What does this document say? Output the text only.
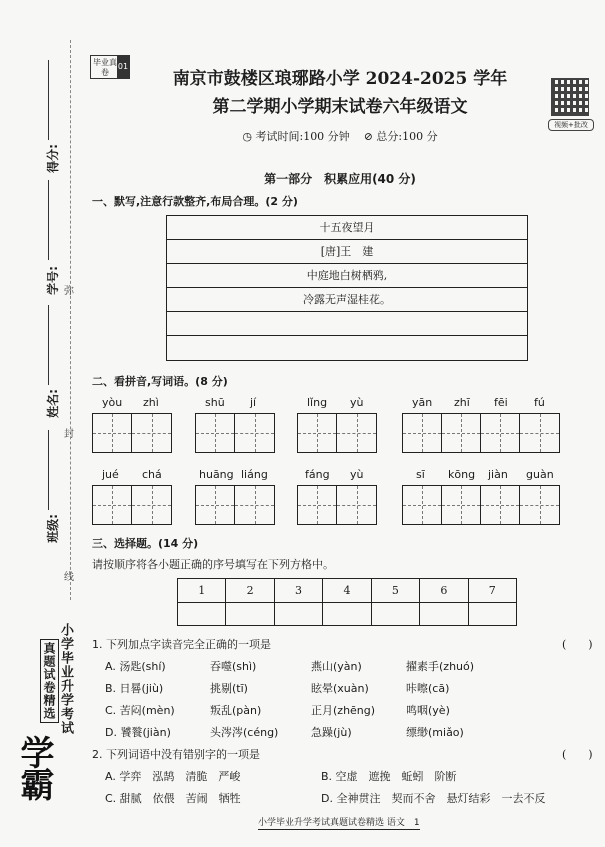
得分:
学号:
姓名:
班级:
弥
封
线
小学毕业升学考试
真题试卷精选
学霸
毕业真卷
01
南京市鼓楼区琅琊路小学 2024-2025 学年
第二学期小学期末试卷六年级语文
◷ 考试时间:100 分钟 ⊘ 总分:100 分
视频+批改
第一部分　积累应用(40 分)
一、默写,注意行款整齐,布局合理。(2 分)
十五夜望月
[唐]王　建
中庭地白树栖鸦,
冷露无声湿桂花。
二、看拼音,写词语。(8 分)
yòu zhì	shū jí	lǐng yù	yān zhī fēi fú
jué chá	huāng liáng	fáng yù	sī kōng jiàn guàn
三、选择题。(14 分)
请按顺序将各小题正确的序号填写在下列方格中。
1	2	3	4	5	6	7
1. 下列加点字读音完全正确的一项是	(　　)
A. 汤匙(shí)	吞噬(shì)	燕山(yàn)	擢素手(zhuó)
B. 日晷(jiù)	挑剔(tī)	眩晕(xuàn)	咔嚓(cā)
C. 苦闷(mèn)	叛乱(pàn)	正月(zhēng)	鸣咽(yè)
D. 饕餮(jiàn)	头涔涔(céng)	急躁(jù)	缥缈(miǎo)
2. 下列词语中没有错别字的一项是	(　　)
A. 学弈　泓鹄　清脆　严峻	B. 空虚　遮挽　蚯蚓　阶断
C. 甜腻　依偎　苦闹　牺牲	D. 全神贯注　契而不舍　悬灯结彩　一去不反
小学毕业升学考试真题试卷精选 语文　1
